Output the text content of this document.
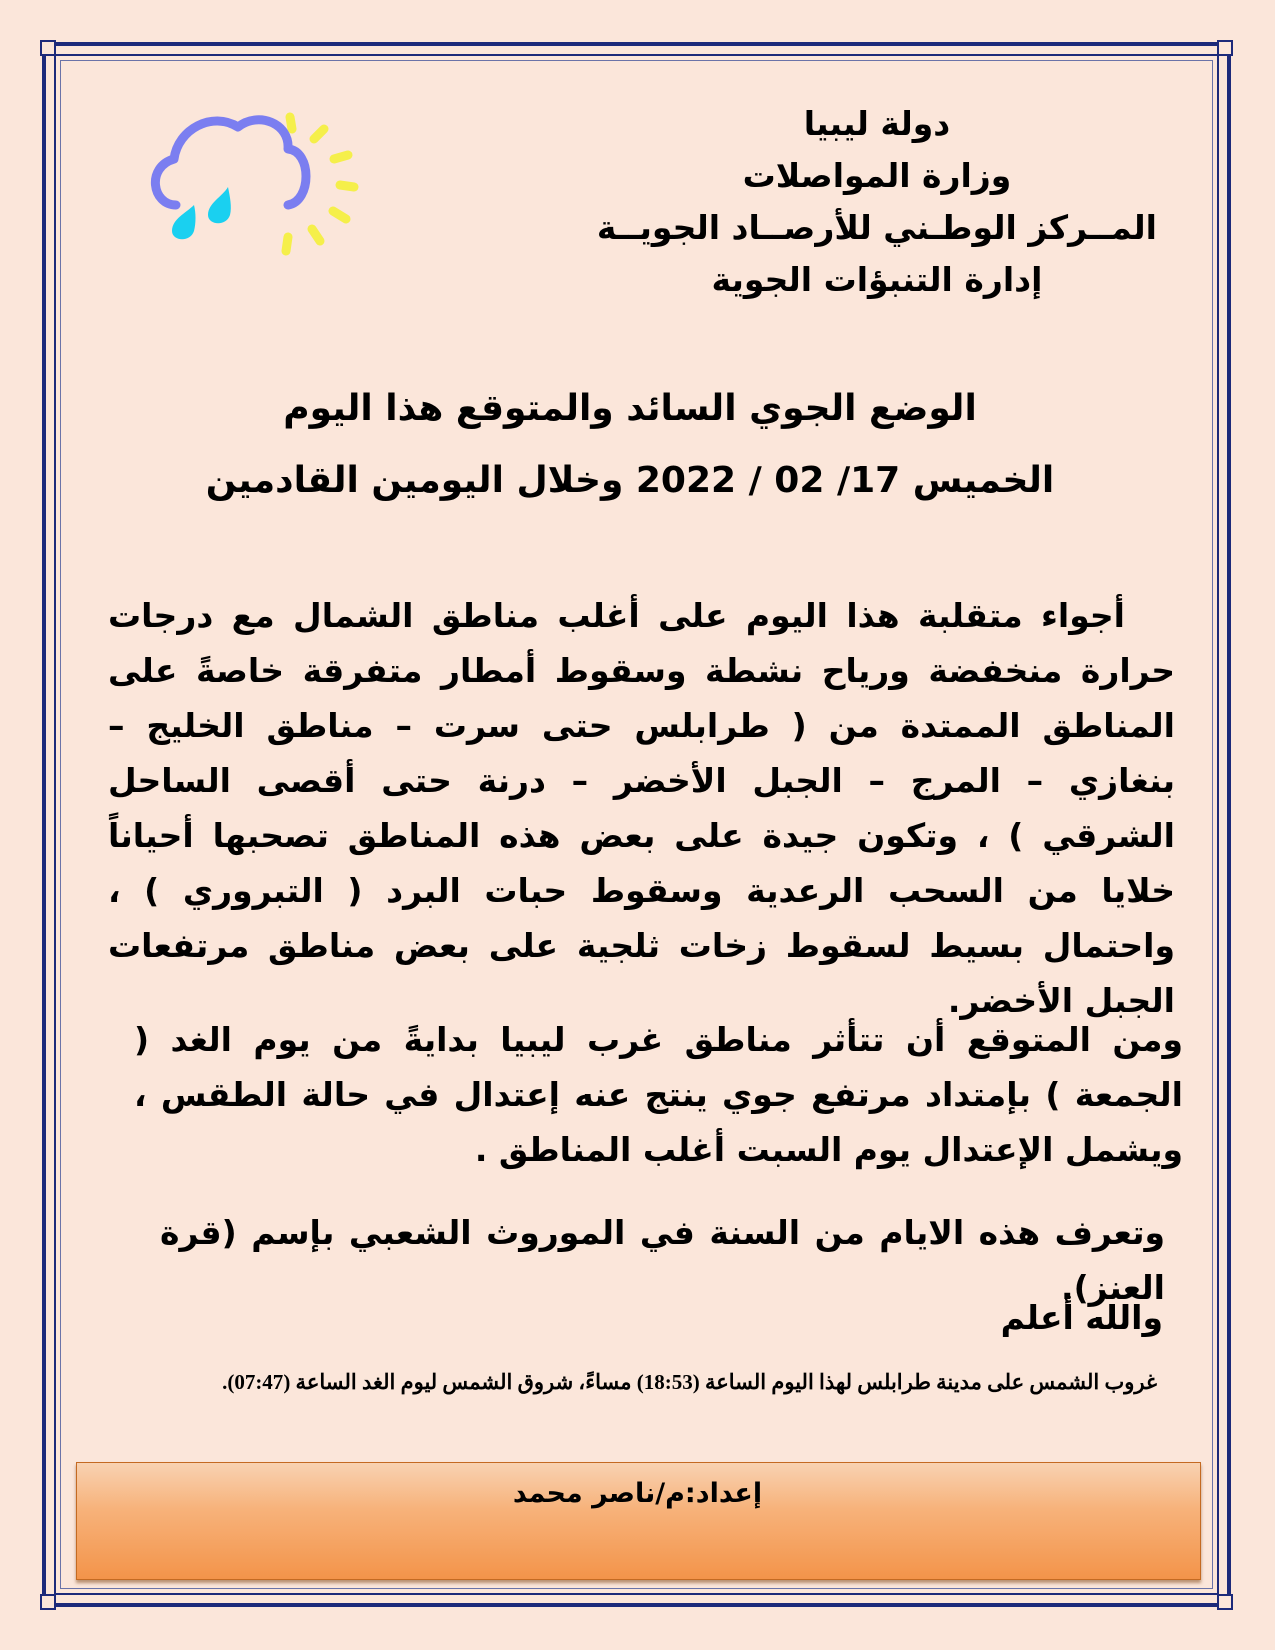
دولة ليبيا
وزارة المواصلات
المــركز الوطـني للأرصــاد الجويــة
إدارة التنبؤات الجوية
الوضع الجوي السائد والمتوقع هذا اليوم
الخميس 17/ 02 / 2022 وخلال اليومين القادمين
أجواء متقلبة هذا اليوم على أغلب مناطق الشمال مع درجات حرارة منخفضة ورياح نشطة وسقوط أمطار متفرقة خاصةً على المناطق الممتدة من ( طرابلس حتى سرت – مناطق الخليج – بنغازي – المرج – الجبل الأخضر – درنة حتى أقصى الساحل الشرقي ) ، وتكون جيدة على بعض هذه المناطق تصحبها أحياناً خلايا من السحب الرعدية وسقوط حبات البرد ( التبروري ) ، واحتمال بسيط لسقوط زخات ثلجية على بعض مناطق مرتفعات الجبل الأخضر.
ومن المتوقع أن تتأثر مناطق غرب ليبيا بدايةً من يوم الغد ( الجمعة ) بإمتداد مرتفع جوي ينتج عنه إعتدال في حالة الطقس ، ويشمل الإعتدال يوم السبت أغلب المناطق .
وتعرف هذه الايام من السنة في الموروث الشعبي بإسم (قرة العنز).
والله أعلم
غروب الشمس على مدينة طرابلس لهذا اليوم الساعة (18:53) مساءً، شروق الشمس ليوم الغد الساعة (07:47).
إعداد:م/ناصر محمد
